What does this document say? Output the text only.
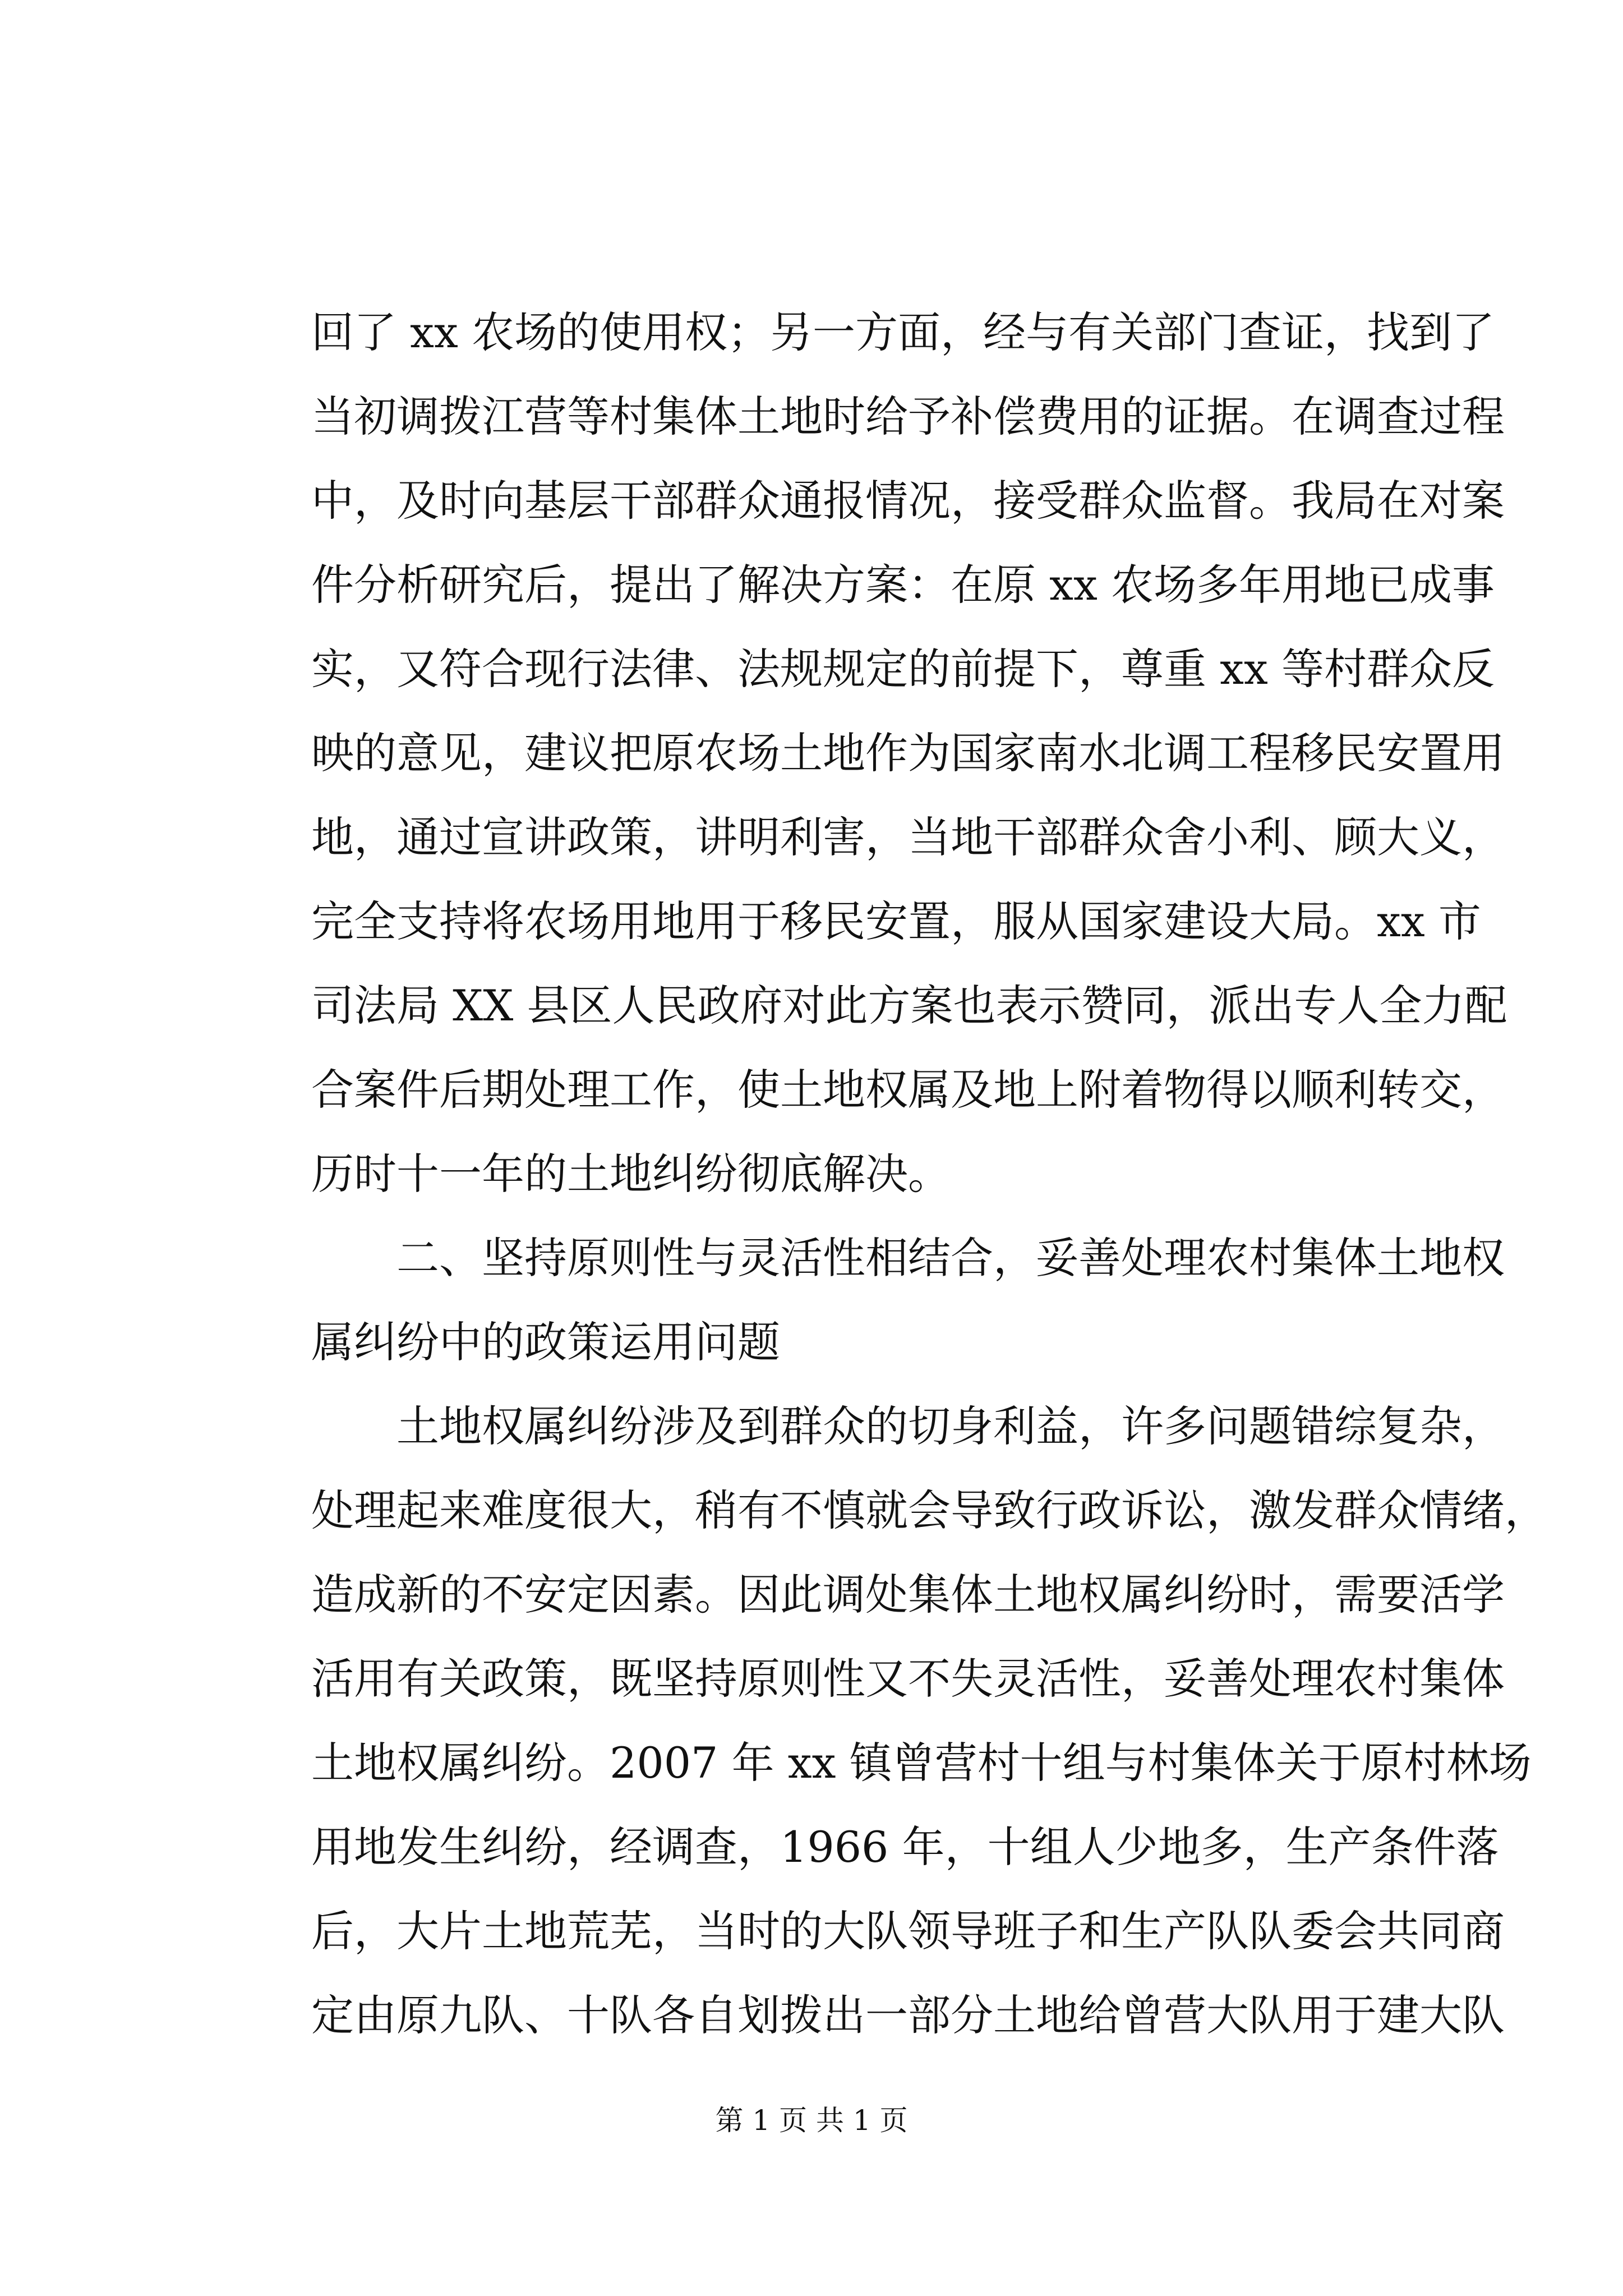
回了 xx 农场的使用权；另一方面，经与有关部门查证，找到了
当初调拨江营等村集体土地时给予补偿费用的证据。在调查过程
中，及时向基层干部群众通报情况，接受群众监督。我局在对案
件分析研究后，提出了解决方案：在原 xx 农场多年用地已成事
实，又符合现行法律、法规规定的前提下，尊重 xx 等村群众反
映的意见，建议把原农场土地作为国家南水北调工程移民安置用
地，通过宣讲政策，讲明利害，当地干部群众舍小利、顾大义，
完全支持将农场用地用于移民安置，服从国家建设大局。xx 市
司法局 XX 县区人民政府对此方案也表示赞同，派出专人全力配
合案件后期处理工作，使土地权属及地上附着物得以顺利转交，
历时十一年的土地纠纷彻底解决。
二、坚持原则性与灵活性相结合，妥善处理农村集体土地权
属纠纷中的政策运用问题
土地权属纠纷涉及到群众的切身利益，许多问题错综复杂，
处理起来难度很大，稍有不慎就会导致行政诉讼，激发群众情绪，
造成新的不安定因素。因此调处集体土地权属纠纷时，需要活学
活用有关政策，既坚持原则性又不失灵活性，妥善处理农村集体
土地权属纠纷。2007 年 xx 镇曾营村十组与村集体关于原村林场
用地发生纠纷，经调查，1966 年，十组人少地多，生产条件落
后，大片土地荒芜，当时的大队领导班子和生产队队委会共同商
定由原九队、十队各自划拨出一部分土地给曾营大队用于建大队
第 1 页 共 1 页
